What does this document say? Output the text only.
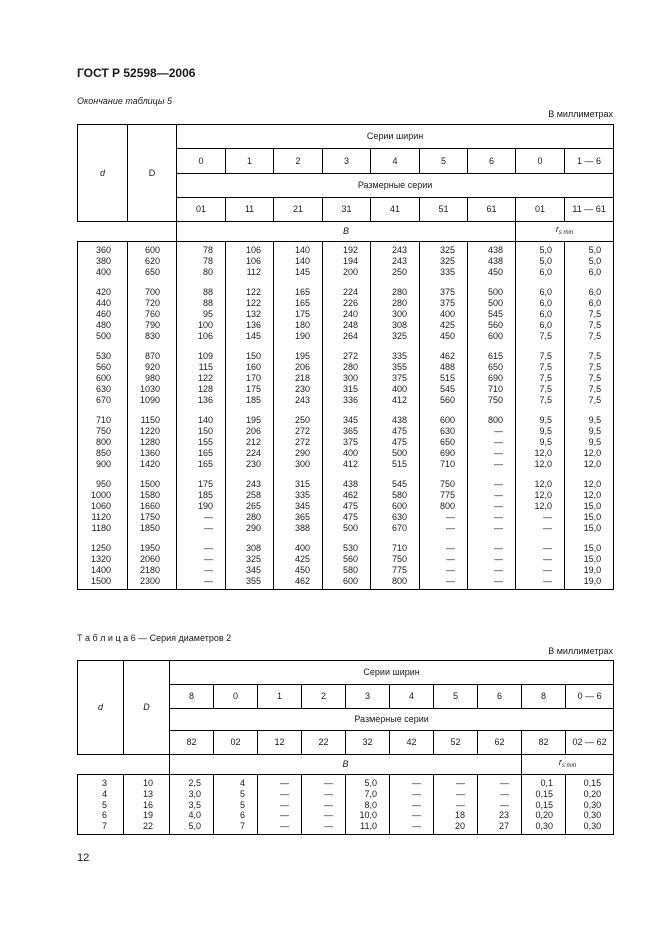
ГОСТ Р 52598—2006
Окончание таблицы 5
В миллиметрах
d	D	Серии ширин								
		0	1	2	3	4	5	6	0	1 — 6
		Размерные серии								
		01	11	21	31	41	51	61	01	11 — 61
		B							$r_{s min}$
360	600	78	106	140	192	243	325	438	5,0	5,0
380	620	78	106	140	194	243	325	438	5,0	5,0
400	650	80	112	145	200	250	335	450	6,0	6,0
420	700	88	122	165	224	280	375	500	6,0	6,0
440	720	88	122	165	226	280	375	500	6,0	6,0
460	760	95	132	175	240	300	400	545	6,0	7,5
480	790	100	136	180	248	308	425	560	6,0	7,5
500	830	106	145	190	264	325	450	600	7,5	7,5
530	870	109	150	195	272	335	462	615	7,5	7,5
560	920	115	160	206	280	355	488	650	7,5	7,5
600	980	122	170	218	300	375	515	690	7,5	7,5
630	1030	128	175	230	315	400	545	710	7,5	7,5
670	1090	136	185	243	336	412	560	750	7,5	7,5
710	1150	140	195	250	345	438	600	800	9,5	9,5
750	1220	150	206	272	365	475	630	—	9,5	9,5
800	1280	155	212	272	375	475	650	—	9,5	9,5
850	1360	165	224	290	400	500	690	—	12,0	12,0
900	1420	165	230	300	412	515	710	—	12,0	12,0
950	1500	175	243	315	438	545	750	—	12,0	12,0
1000	1580	185	258	335	462	580	775	—	12,0	12,0
1060	1660	190	265	345	475	600	800	—	12,0	15,0
1120	1750	—	280	365	475	630	—	—	—	15,0
1180	1850	—	290	388	500	670	—	—	—	15,0
1250	1950	—	308	400	530	710	—	—	—	15,0
1320	2060	—	325	425	560	750	—	—	—	15,0
1400	2180	—	345	450	580	775	—	—	—	19,0
1500	2300	—	355	462	600	800	—	—	—	19,0
Т а б л и ц а 6 — Серия диаметров 2
В миллиметрах
d	D	Серии ширин									
		8	0	1	2	3	4	5	6	8	0 — 6
		Размерные серии									
		82	02	12	22	32	42	52	62	82	02 — 62
		B								$r_{s min}$
3	10	2,5	4	—	—	5,0	—	—	—	0,1	0,15
4	13	3,0	5	—	—	7,0	—	—	—	0,15	0,20
5	16	3,5	5	—	—	8,0	—	—	—	0,15	0,30
6	19	4,0	6	—	—	10,0	—	18	23	0,20	0,30
7	22	5,0	7	—	—	11,0	—	20	27	0,30	0,30
12
